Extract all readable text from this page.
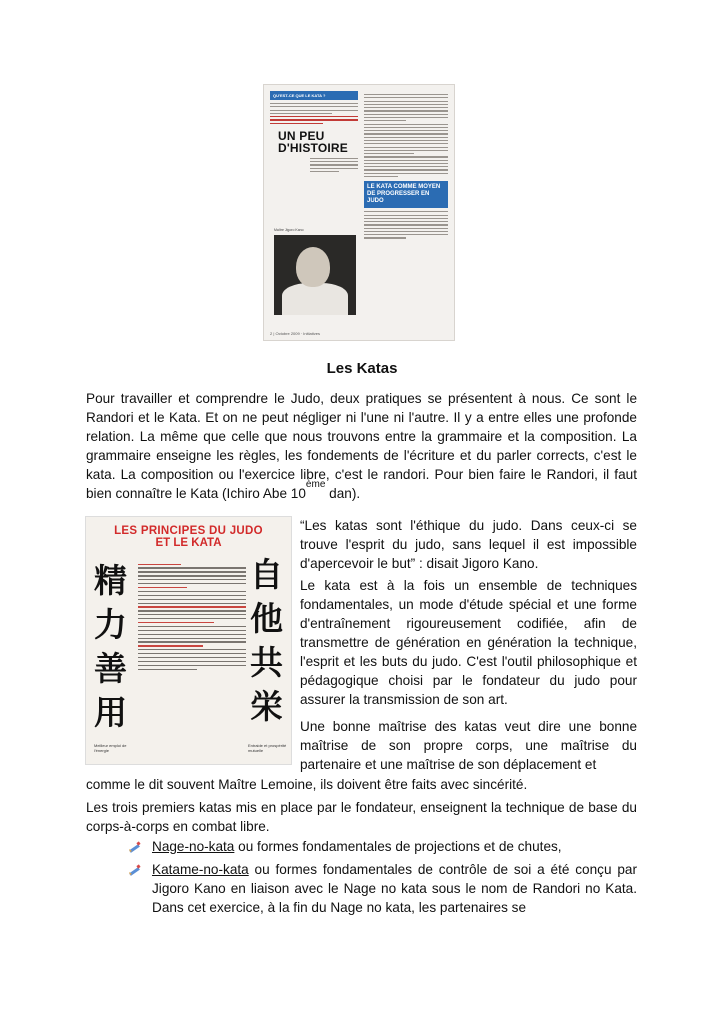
QU'EST-CE QUE LE KATA ?
UN PEU D'HISTOIRE
LE KATA COMME MOYEN DE PROGRESSER EN JUDO
Maître Jigoro Kano
2 | Octobre 2009 · Initiatives
Les Katas
Pour travailler et comprendre le Judo, deux pratiques se présentent à nous. Ce sont le Randori et le Kata. Et on ne peut négliger ni l'une ni l'autre. Il y a entre elles une profonde relation. La même que celle que nous trouvons entre la grammaire et la composition. La grammaire enseigne les règles, les fondements de l'écriture et du parler corrects, c'est le kata. La composition ou l'exercice libre, c'est le randori. Pour bien faire le Randori, il faut bien connaître le Kata (Ichiro Abe 10ème dan).
LES PRINCIPES DU JUDO
ET LE KATA
精
力
善
用
自
他
共
栄
Meilleur emploi de l'énergie
Entraide et prospérité mutuelle
“Les katas sont l'éthique du judo. Dans ceux-ci se trouve l'esprit du judo, sans lequel il est impossible d'apercevoir le but” : disait Jigoro Kano.
Le kata est à la fois un ensemble de techniques fondamentales, un mode d'étude spécial et une forme d'entraînement rigoureusement codifiée, afin de transmettre de génération en génération la technique, l'esprit et les buts du judo. C'est l'outil philosophique et pédagogique choisi par le fondateur du judo pour assurer la transmission de son art.
Une bonne maîtrise des katas veut dire une bonne maîtrise de son propre corps, une maîtrise du partenaire et une maîtrise de son déplacement et
comme le dit souvent Maître Lemoine, ils doivent être faits avec sincérité.
Les trois premiers katas mis en place par le fondateur, enseignent la technique de base du corps-à-corps en combat libre.
Nage-no-kata ou formes fondamentales de projections et de chutes,
Katame-no-kata ou formes fondamentales de contrôle de soi a été conçu par Jigoro Kano en liaison avec le Nage no kata sous le nom de Randori no Kata. Dans cet exercice, à la fin du Nage no kata, les partenaires se
